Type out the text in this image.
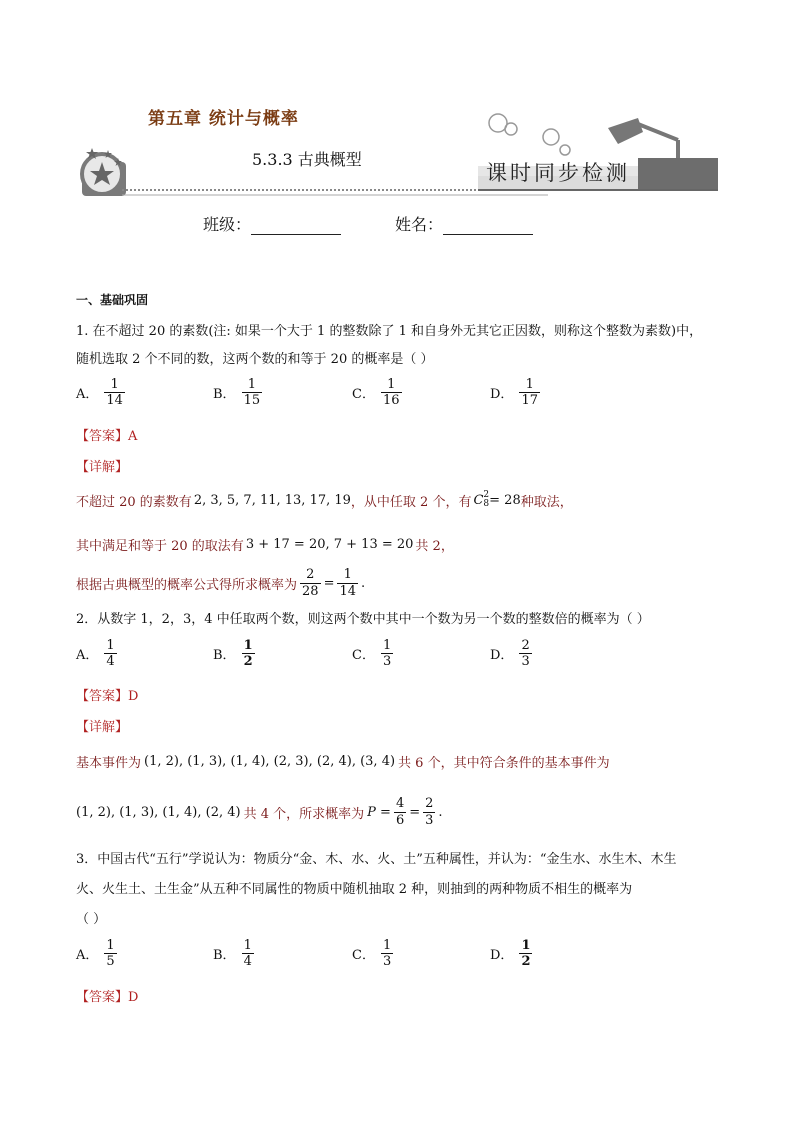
第五章 统计与概率
5.3.3 古典概型
课时同步检测
班级：	姓名：
一、基础巩固
1. 在不超过 20 的素数(注: 如果一个大于 1 的整数除了 1 和自身外无其它正因数，则称这个整数为素数)中，
随机选取 2 个不同的数，这两个数的和等于 20 的概率是（ ）
A． $\frac{1}{14}$	B． $\frac{1}{15}$	C． $\frac{1}{16}$	D． $\frac{1}{17}$
【答案】A
【详解】
不超过 20 的素数有 2, 3, 5, 7, 11, 13, 17, 19 ，从中任取 2 个，有 C 2
8 = 28 种取法，
其中满足和等于 20 的取法有 3 + 17 = 20, 7 + 13 = 20 共 2，
根据古典概型的概率公式得所求概率为 $\frac{2}{28} = \frac{1}{14}$ .
2．从数字 1，2，3，4 中任取两个数，则这两个数中其中一个数为另一个数的整数倍的概率为（ ）
A． $\frac{1}{4}$	B． $\frac{1}{2}$	C． $\frac{1}{3}$	D． $\frac{2}{3}$
【答案】D
【详解】
基本事件为 (1, 2), (1, 3), (1, 4), (2, 3), (2, 4), (3, 4) 共 6 个，其中符合条件的基本事件为
(1, 2), (1, 3), (1, 4), (2, 4) 共 4 个，所求概率为 $P = \frac{4}{6} = \frac{2}{3}$ .
3．中国古代“五行”学说认为：物质分“金、木、水、火、土”五种属性，并认为：“金生水、水生木、木生
火、火生土、土生金”从五种不同属性的物质中随机抽取 2 种，则抽到的两种物质不相生的概率为
（ ）
A． $\frac{1}{5}$	B． $\frac{1}{4}$	C． $\frac{1}{3}$	D． $\frac{1}{2}$
【答案】D
